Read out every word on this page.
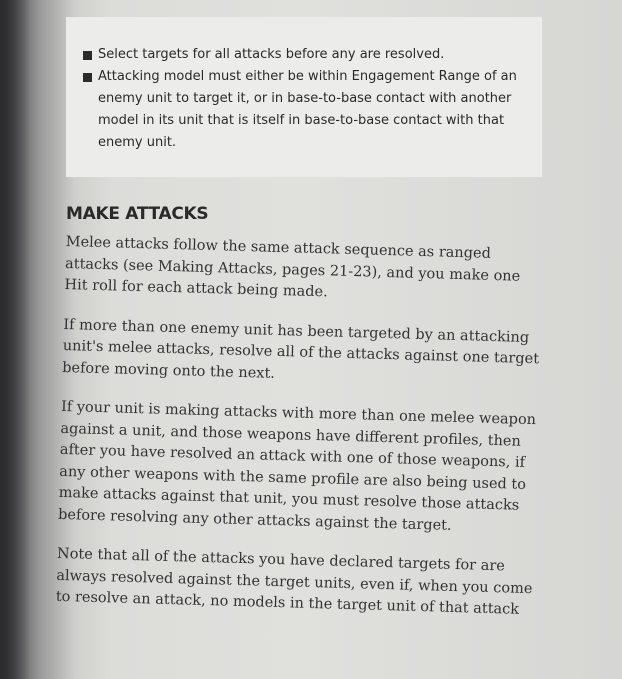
Select targets for all attacks before any are resolved.
Attacking model must either be within Engagement Range of an enemy unit to target it, or in base-to-base contact with another model in its unit that is itself in base-to-base contact with that enemy unit.
MAKE ATTACKS

Melee attacks follow the same attack sequence as ranged attacks (see Making Attacks, pages 21-23), and you make one Hit roll for each attack being made.

If more than one enemy unit has been targeted by an attacking unit's melee attacks, resolve all of the attacks against one target before moving onto the next.

If your unit is making attacks with more than one melee weapon against a unit, and those weapons have different profiles, then after you have resolved an attack with one of those weapons, if any other weapons with the same profile are also being used to make attacks against that unit, you must resolve those attacks before resolving any other attacks against the target.

Note that all of the attacks you have declared targets for are always resolved against the target units, even if, when you come to resolve an attack, no models in the target unit of that attack
